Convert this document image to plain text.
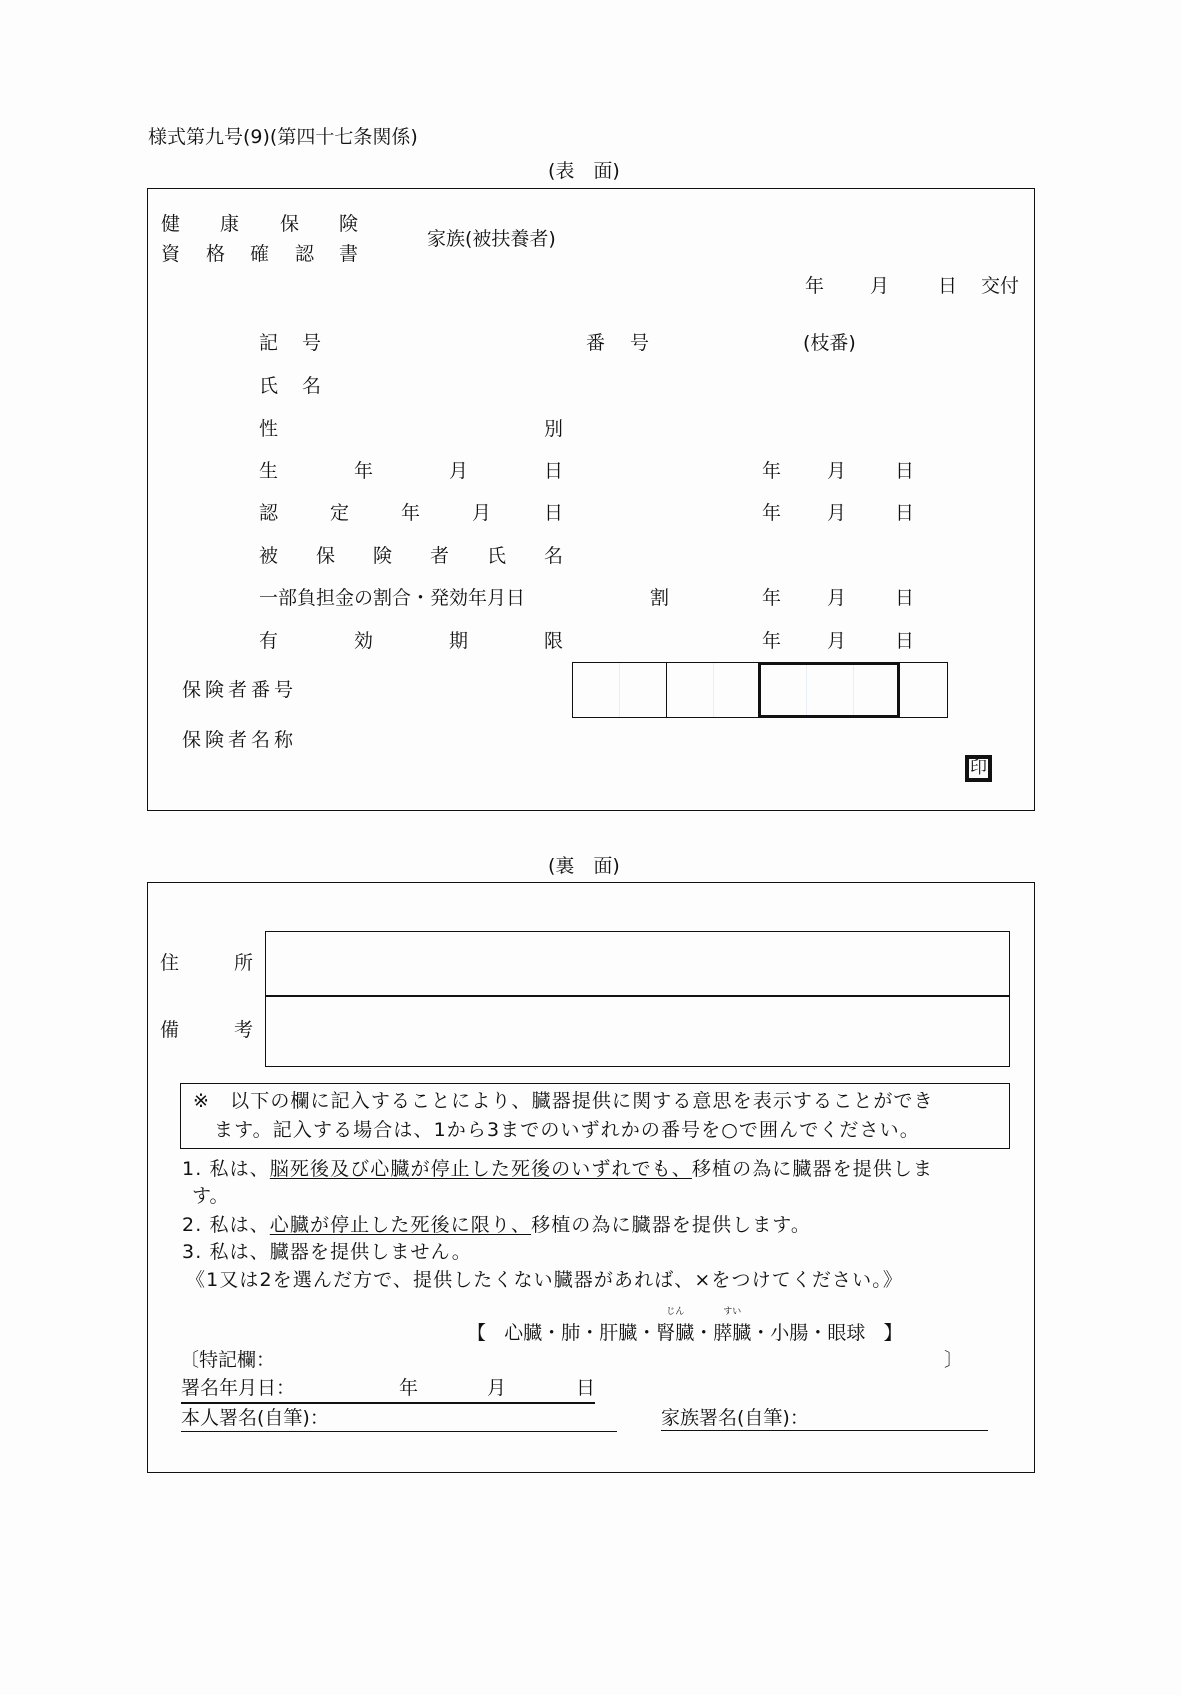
様式第九号(9)(第四十七条関係)
(表　面)
健 康 保 険
資 格 確 認 書
家族(被扶養者)
年 月	日 交付
記 号	番 号	(枝番)
氏 名
性	別
生	年	月	日	年 月	日
認	定	年	月	日	年 月	日
被 保 険 者 氏 名
一部負担金の割合・発効年月日	割	年 月	日
有	効	期	限	年 月	日
保険者番号
保険者名称
印
(裏　面)
住	所
備	考
※　以下の欄に記入することにより、臓器提供に関する意思を表示することができ
ます。記入する場合は、1から3までのいずれかの番号を○で囲んでください。
1. 私は、脳死後及び心臓が停止した死後のいずれでも、移植の為に臓器を提供しま
す。
2. 私は、心臓が停止した死後に限り、移植の為に臓器を提供します。
3. 私は、臓器を提供しません。
《1又は2を選んだ方で、提供したくない臓器があれば、×をつけてください。》
【 心臓・肺・肝臓・
じん
腎臓・
すい
膵臓・小腸・眼球 】
〔特記欄：	〕
署名年月日：	年	月	日
本人署名(自筆)：	家族署名(自筆)：
